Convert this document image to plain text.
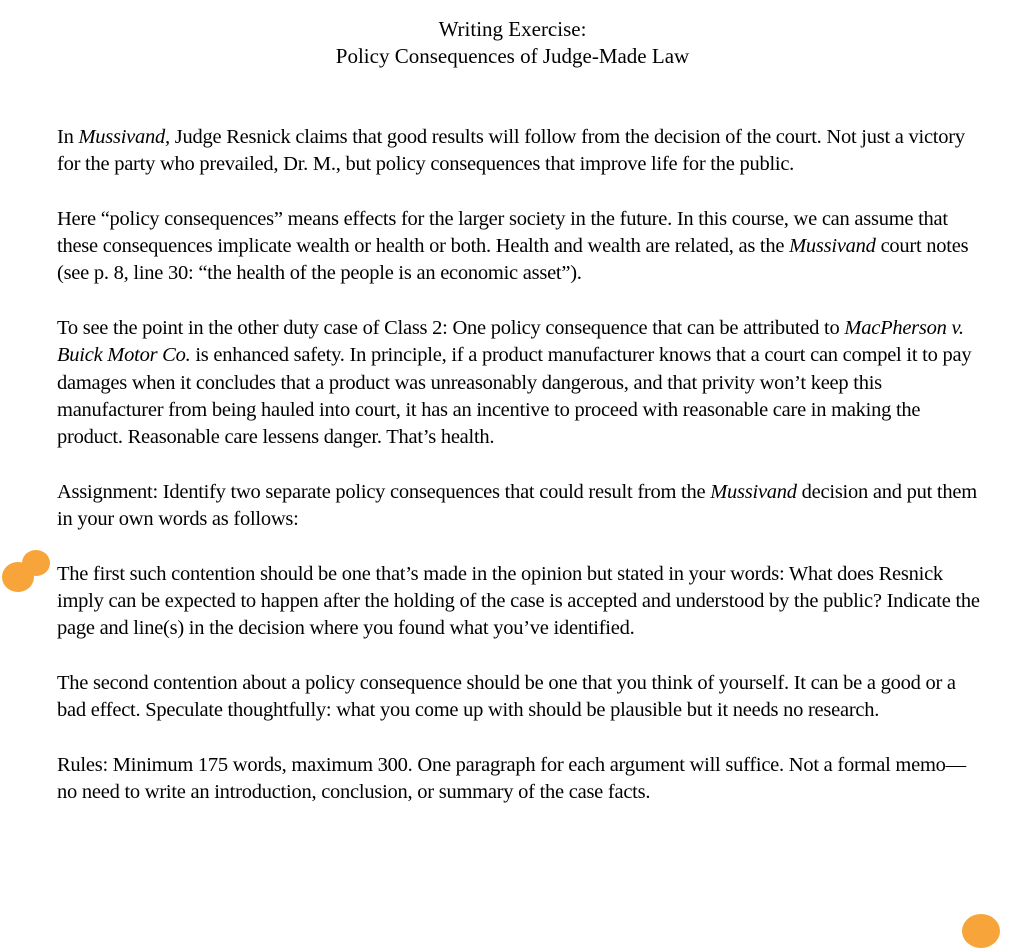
Writing Exercise:
Policy Consequences of Judge-Made Law

In Mussivand, Judge Resnick claims that good results will follow from the decision of the court. Not just a victory for the party who prevailed, Dr. M., but policy consequences that improve life for the public.

Here “policy consequences” means effects for the larger society in the future. In this course, we can assume that these consequences implicate wealth or health or both. Health and wealth are related, as the Mussivand court notes (see p. 8, line 30: “the health of the people is an economic asset”).

To see the point in the other duty case of Class 2: One policy consequence that can be attributed to MacPherson v. Buick Motor Co. is enhanced safety. In principle, if a product manufacturer knows that a court can compel it to pay damages when it concludes that a product was unreasonably dangerous, and that privity won’t keep this manufacturer from being hauled into court, it has an incentive to proceed with reasonable care in making the product. Reasonable care lessens danger. That’s health.

Assignment: Identify two separate policy consequences that could result from the Mussivand decision and put them in your own words as follows:

The first such contention should be one that’s made in the opinion but stated in your words: What does Resnick imply can be expected to happen after the holding of the case is accepted and understood by the public? Indicate the page and line(s) in the decision where you found what you’ve identified.

The second contention about a policy consequence should be one that you think of yourself. It can be a good or a bad effect. Speculate thoughtfully: what you come up with should be plausible but it needs no research.

Rules: Minimum 175 words, maximum 300. One paragraph for each argument will suffice. Not a formal memo—no need to write an introduction, conclusion, or summary of the case facts.
